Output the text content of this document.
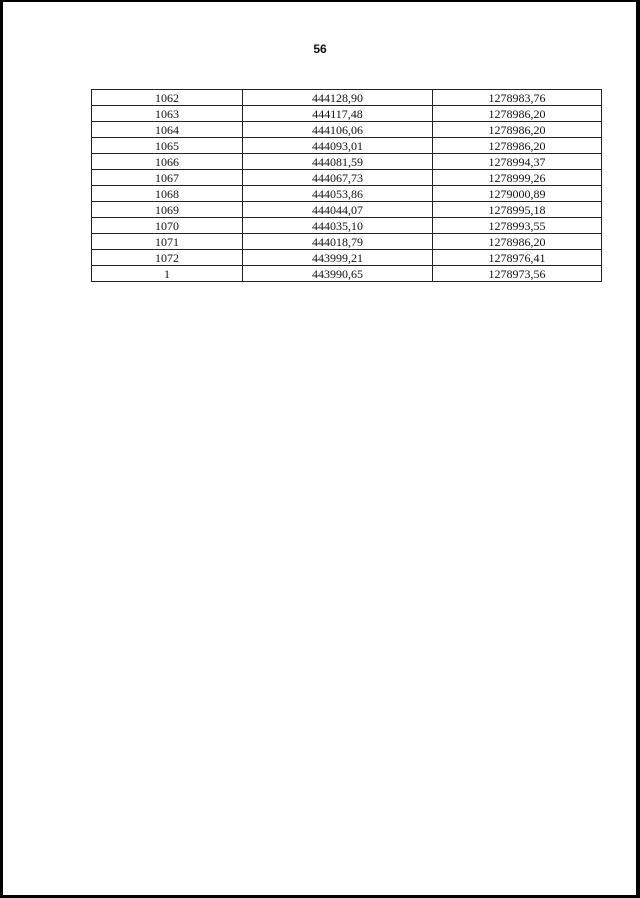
56
1062	444128,90	1278983,76
1063	444117,48	1278986,20
1064	444106,06	1278986,20
1065	444093,01	1278986,20
1066	444081,59	1278994,37
1067	444067,73	1278999,26
1068	444053,86	1279000,89
1069	444044,07	1278995,18
1070	444035,10	1278993,55
1071	444018,79	1278986,20
1072	443999,21	1278976,41
1	443990,65	1278973,56
